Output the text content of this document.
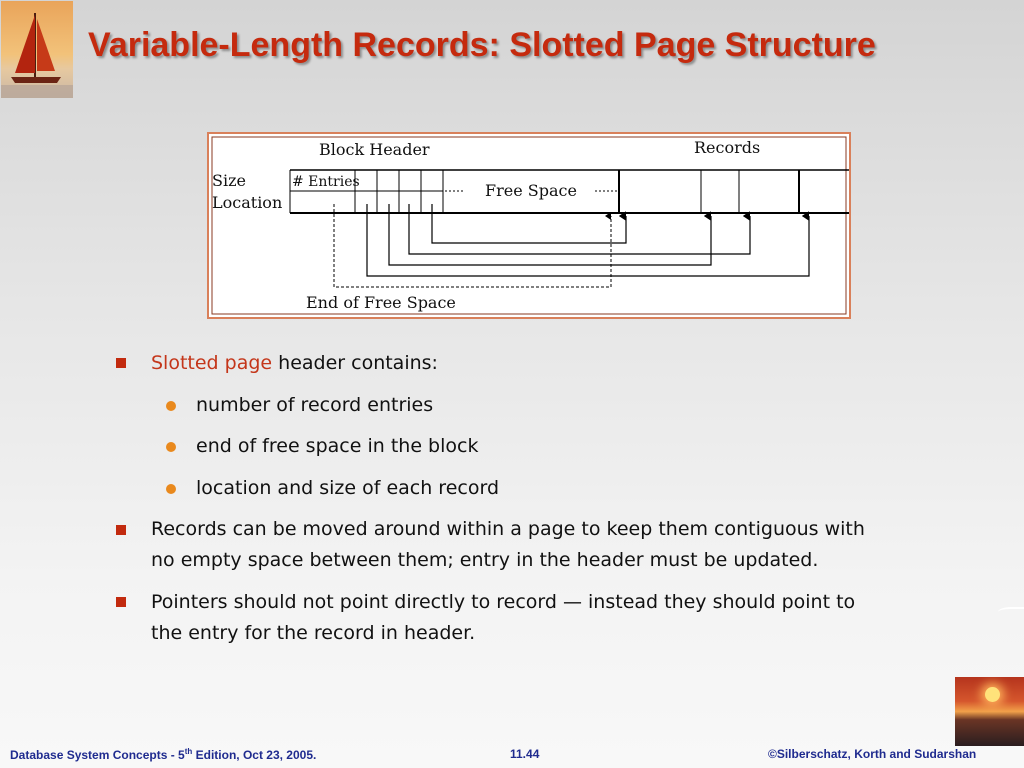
Variable-Length Records: Slotted Page Structure
Block Header	Records
Size
Location
# Entries	Free Space
End of Free Space
Slotted page header contains:
number of record entries
end of free space in the block
location and size of each record
Records can be moved around within a page to keep them contiguous with
no empty space between them; entry in the header must be updated.
Pointers should not point directly to record — instead they should point to
the entry for the record in header.
Database System Concepts - 5th Edition, Oct 23, 2005.	11.44	©Silberschatz, Korth and Sudarshan
